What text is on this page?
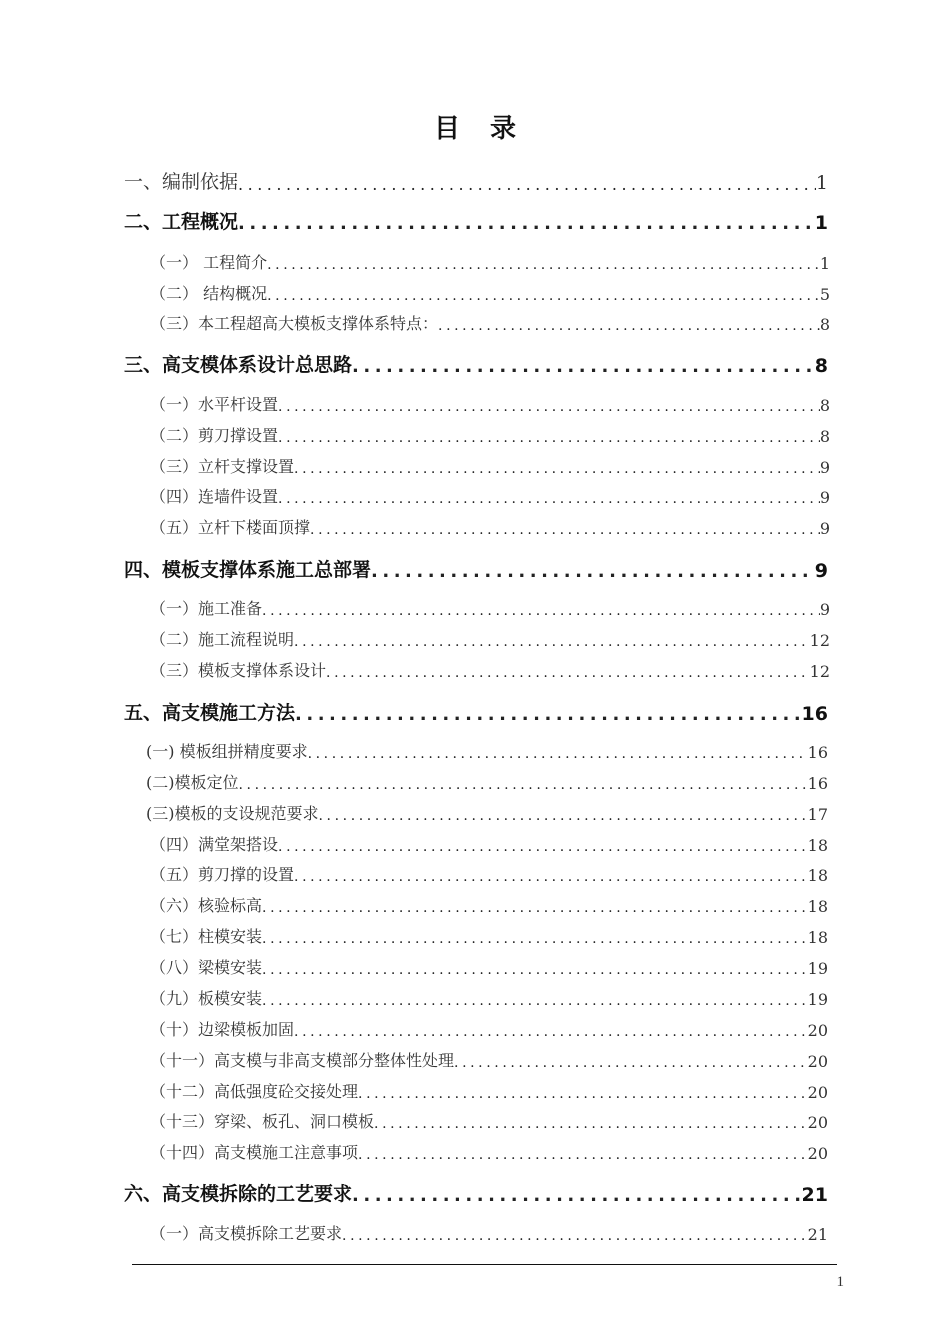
目录
一、编制依据 .....	1
二、工程概况 .....	1
（一） 工程简介 .....	1
（二） 结构概况 .....	5
（三）本工程超高大模板支撑体系特点： .....	8
三、高支模体系设计总思路 .....	8
（一）水平杆设置 .....	8
（二）剪刀撑设置 .....	8
（三）立杆支撑设置 .....	9
（四）连墙件设置 .....	9
（五）立杆下楼面顶撑 .....	9
四、模板支撑体系施工总部署 .....	9
（一）施工准备 .....	9
（二）施工流程说明 .....	12
（三）模板支撑体系设计 .....	12
五、高支模施工方法 .....	16
(一) 模板组拼精度要求 .....	16
(二)模板定位 .....	16
(三)模板的支设规范要求 .....	17
（四）满堂架搭设 .....	18
（五）剪刀撑的设置 .....	18
（六）核验标高 .....	18
（七）柱模安装 .....	18
（八）梁模安装 .....	19
（九）板模安装 .....	19
（十）边梁模板加固 .....	20
（十一）高支模与非高支模部分整体性处理 .....	20
（十二）高低强度砼交接处理 .....	20
（十三）穿梁、板孔、洞口模板 .....	20
（十四）高支模施工注意事项 .....	20
六、高支模拆除的工艺要求 .....	21
（一）高支模拆除工艺要求 .....	21
1
